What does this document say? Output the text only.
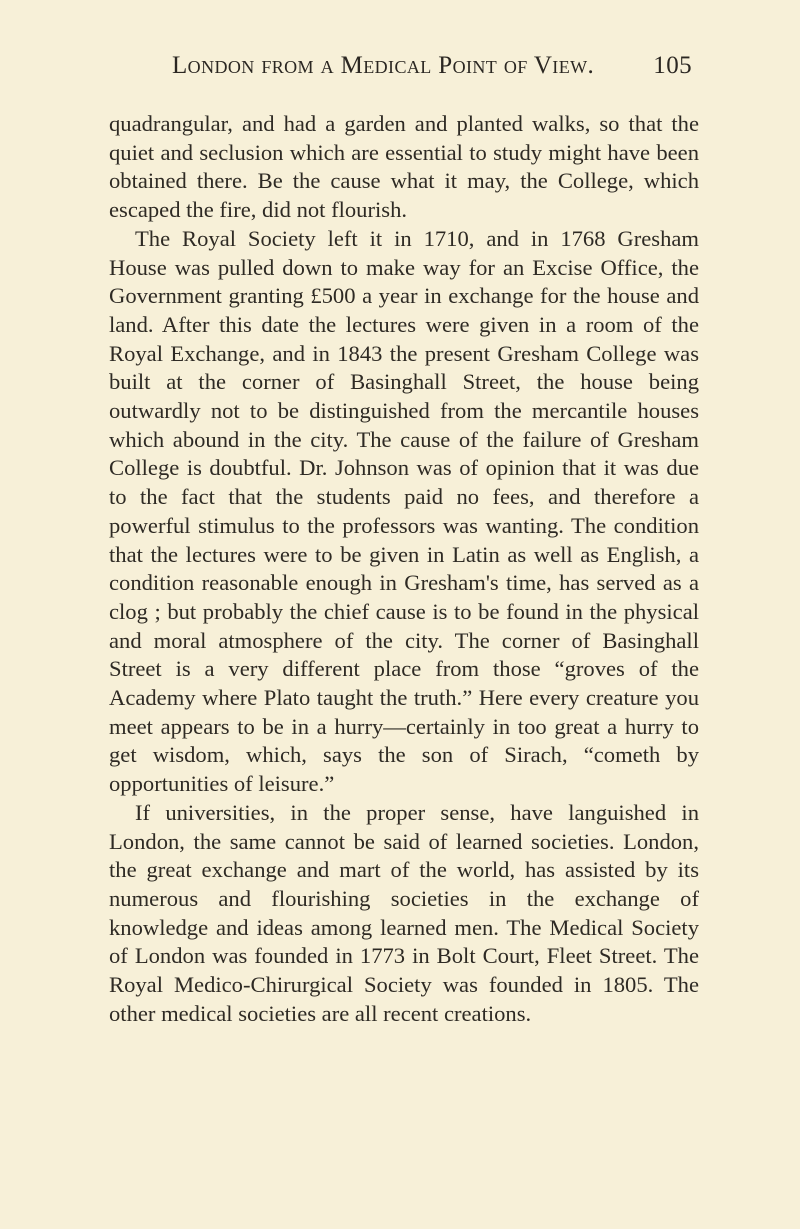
London from a Medical Point of View. 105

quadrangular, and had a garden and planted walks, so that the quiet and seclusion which are essential to study might have been obtained there. Be the cause what it may, the College, which escaped the fire, did not flourish.

The Royal Society left it in 1710, and in 1768 Gresham House was pulled down to make way for an Excise Office, the Government granting £500 a year in exchange for the house and land. After this date the lectures were given in a room of the Royal Exchange, and in 1843 the present Gresham College was built at the corner of Basinghall Street, the house being outwardly not to be distinguished from the mercantile houses which abound in the city. The cause of the failure of Gresham College is doubtful. Dr. Johnson was of opinion that it was due to the fact that the students paid no fees, and therefore a powerful stimulus to the professors was wanting. The condition that the lectures were to be given in Latin as well as English, a condition reasonable enough in Gresham's time, has served as a clog ; but probably the chief cause is to be found in the physical and moral atmosphere of the city. The corner of Basinghall Street is a very different place from those “groves of the Academy where Plato taught the truth.” Here every creature you meet appears to be in a hurry—certainly in too great a hurry to get wisdom, which, says the son of Sirach, “cometh by opportunities of leisure.”

If universities, in the proper sense, have languished in London, the same cannot be said of learned societies. London, the great exchange and mart of the world, has assisted by its numerous and flourishing societies in the exchange of knowledge and ideas among learned men. The Medical Society of London was founded in 1773 in Bolt Court, Fleet Street. The Royal Medico-Chirurgical Society was founded in 1805. The other medical societies are all recent creations.
